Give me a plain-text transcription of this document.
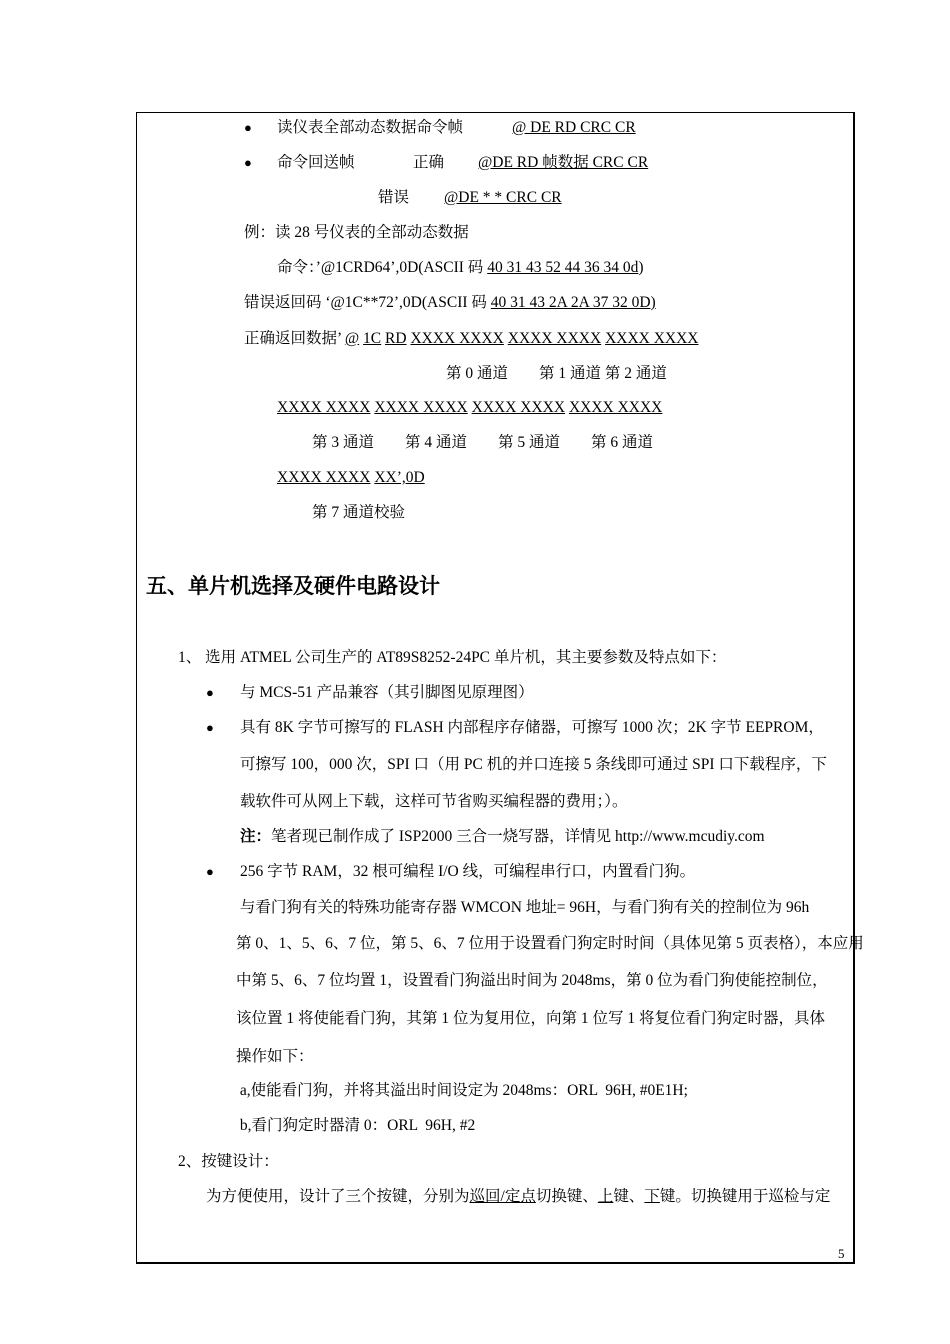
● 读仪表全部动态数据命令帧	@ DE RD CRC CR
● 命令回送帧	正确 @DE RD 帧数据 CRC CR
错误 @DE * * CRC CR
例：读 28 号仪表的全部动态数据
命令：’@1CRD64’,0D(ASCII 码 40 31 43 52 44 36 34 0d)
错误返回码 ‘@1C**72’,0D(ASCII 码 40 31 43 2A 2A 37 32 0D)
正确返回数据’ @ 1C RD XXXX XXXX XXXX XXXX XXXX XXXX
第 0 通道        第 1 通道 第 2 通道
XXXX XXXX XXXX XXXX XXXX XXXX XXXX XXXX
第 3 通道        第 4 通道        第 5 通道        第 6 通道
XXXX XXXX XX’,0D
第 7 通道校验
五、单片机选择及硬件电路设计
1、 选用 ATMEL 公司生产的 AT89S8252-24PC 单片机，其主要参数及特点如下：
● 与 MCS-51 产品兼容（其引脚图见原理图）
● 具有 8K 字节可擦写的 FLASH 内部程序存储器，可擦写 1000 次；2K 字节 EEPROM，
可擦写 100，000 次，SPI 口（用 PC 机的并口连接 5 条线即可通过 SPI 口下载程序，下
载软件可从网上下载，这样可节省购买编程器的费用；）。
注：笔者现已制作成了 ISP2000 三合一烧写器，详情见 http://www.mcudiy.com
● 256 字节 RAM，32 根可编程 I/O 线，可编程串行口，内置看门狗。
与看门狗有关的特殊功能寄存器 WMCON 地址= 96H，与看门狗有关的控制位为 96h
第 0、1、5、6、7 位，第 5、6、7 位用于设置看门狗定时时间（具体见第 5 页表格），本应用
中第 5、6、7 位均置 1，设置看门狗溢出时间为 2048ms，第 0 位为看门狗使能控制位，
该位置 1 将使能看门狗，其第 1 位为复用位，向第 1 位写 1 将复位看门狗定时器，具体
操作如下：
a,使能看门狗，并将其溢出时间设定为 2048ms：ORL  96H, #0E1H;
b,看门狗定时器清 0：ORL  96H, #2
2、按键设计：
为方便使用，设计了三个按键，分别为巡回/定点切换键、上键、下键。切换键用于巡检与定
5
